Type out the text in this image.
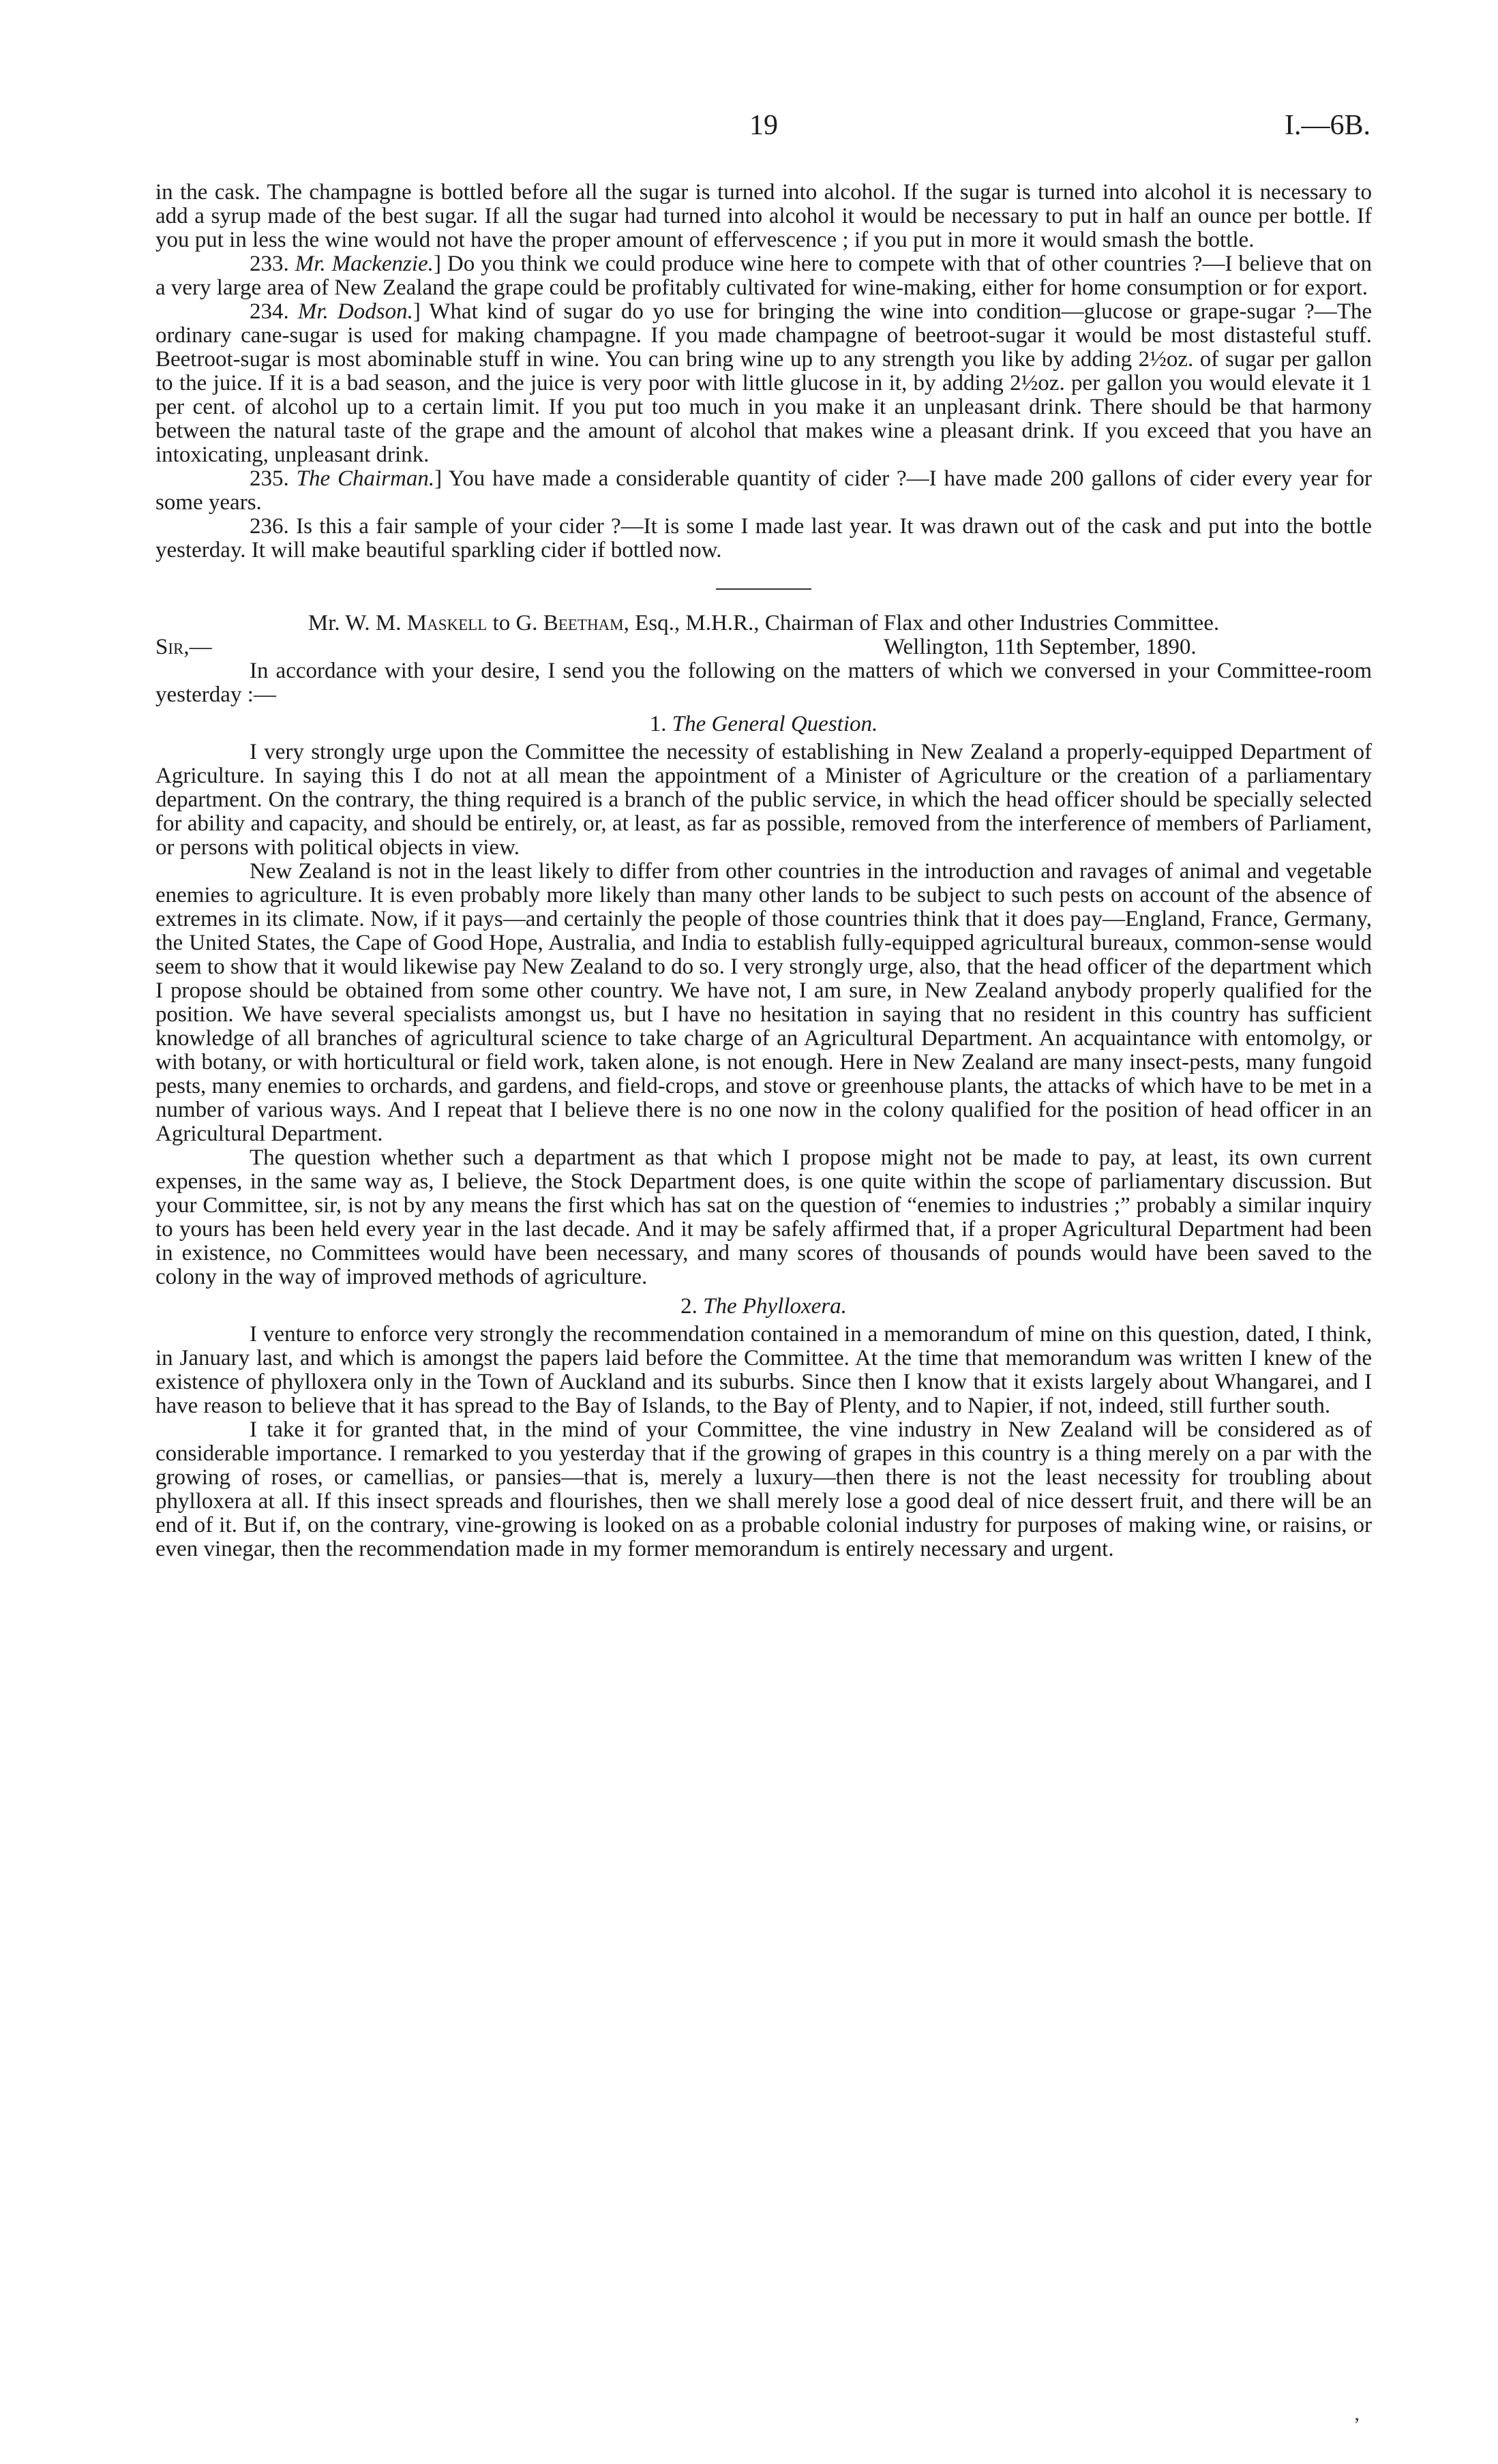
19	I.—6B.

in the cask. The champagne is bottled before all the sugar is turned into alcohol. If the sugar is turned into alcohol it is necessary to add a syrup made of the best sugar. If all the sugar had turned into alcohol it would be necessary to put in half an ounce per bottle. If you put in less the wine would not have the proper amount of effervescence ; if you put in more it would smash the bottle.

233. Mr. Mackenzie.] Do you think we could produce wine here to compete with that of other countries ?—I believe that on a very large area of New Zealand the grape could be profitably cultivated for wine-making, either for home consumption or for export.

234. Mr. Dodson.] What kind of sugar do yo use for bringing the wine into condition—glucose or grape-sugar ?—The ordinary cane-sugar is used for making champagne. If you made champagne of beetroot-sugar it would be most distasteful stuff. Beetroot-sugar is most abominable stuff in wine. You can bring wine up to any strength you like by adding 2½oz. of sugar per gallon to the juice. If it is a bad season, and the juice is very poor with little glucose in it, by adding 2½oz. per gallon you would elevate it 1 per cent. of alcohol up to a certain limit. If you put too much in you make it an unpleasant drink. There should be that harmony between the natural taste of the grape and the amount of alcohol that makes wine a pleasant drink. If you exceed that you have an intoxicating, unpleasant drink.

235. The Chairman.] You have made a considerable quantity of cider ?—I have made 200 gallons of cider every year for some years.

236. Is this a fair sample of your cider ?—It is some I made last year. It was drawn out of the cask and put into the bottle yesterday. It will make beautiful sparkling cider if bottled now.

Mr. W. M. Maskell to G. Beetham, Esq., M.H.R., Chairman of Flax and other Industries Committee.

Sir,—	Wellington, 11th September, 1890.

In accordance with your desire, I send you the following on the matters of which we conversed in your Committee-room yesterday :—

1. The General Question.

I very strongly urge upon the Committee the necessity of establishing in New Zealand a properly-equipped Department of Agriculture. In saying this I do not at all mean the appointment of a Minister of Agriculture or the creation of a parliamentary department. On the contrary, the thing required is a branch of the public service, in which the head officer should be specially selected for ability and capacity, and should be entirely, or, at least, as far as possible, removed from the interference of members of Parliament, or persons with political objects in view.

New Zealand is not in the least likely to differ from other countries in the introduction and ravages of animal and vegetable enemies to agriculture. It is even probably more likely than many other lands to be subject to such pests on account of the absence of extremes in its climate. Now, if it pays—and certainly the people of those countries think that it does pay—England, France, Germany, the United States, the Cape of Good Hope, Australia, and India to establish fully-equipped agricultural bureaux, common-sense would seem to show that it would likewise pay New Zealand to do so. I very strongly urge, also, that the head officer of the department which I propose should be obtained from some other country. We have not, I am sure, in New Zealand anybody properly qualified for the position. We have several specialists amongst us, but I have no hesitation in saying that no resident in this country has sufficient knowledge of all branches of agricultural science to take charge of an Agricultural Department. An acquaintance with entomolgy, or with botany, or with horticultural or field work, taken alone, is not enough. Here in New Zealand are many insect-pests, many fungoid pests, many enemies to orchards, and gardens, and field-crops, and stove or greenhouse plants, the attacks of which have to be met in a number of various ways. And I repeat that I believe there is no one now in the colony qualified for the position of head officer in an Agricultural Department.

The question whether such a department as that which I propose might not be made to pay, at least, its own current expenses, in the same way as, I believe, the Stock Department does, is one quite within the scope of parliamentary discussion. But your Committee, sir, is not by any means the first which has sat on the question of “enemies to industries ;” probably a similar inquiry to yours has been held every year in the last decade. And it may be safely affirmed that, if a proper Agricultural Department had been in existence, no Committees would have been necessary, and many scores of thousands of pounds would have been saved to the colony in the way of improved methods of agriculture.

2. The Phylloxera.

I venture to enforce very strongly the recommendation contained in a memorandum of mine on this question, dated, I think, in January last, and which is amongst the papers laid before the Committee. At the time that memorandum was written I knew of the existence of phylloxera only in the Town of Auckland and its suburbs. Since then I know that it exists largely about Whangarei, and I have reason to believe that it has spread to the Bay of Islands, to the Bay of Plenty, and to Napier, if not, indeed, still further south.

I take it for granted that, in the mind of your Committee, the vine industry in New Zealand will be considered as of considerable importance. I remarked to you yesterday that if the growing of grapes in this country is a thing merely on a par with the growing of roses, or camellias, or pansies—that is, merely a luxury—then there is not the least necessity for troubling about phylloxera at all. If this insect spreads and flourishes, then we shall merely lose a good deal of nice dessert fruit, and there will be an end of it. But if, on the contrary, vine-growing is looked on as a probable colonial industry for purposes of making wine, or raisins, or even vinegar, then the recommendation made in my former memorandum is entirely necessary and urgent.

’
